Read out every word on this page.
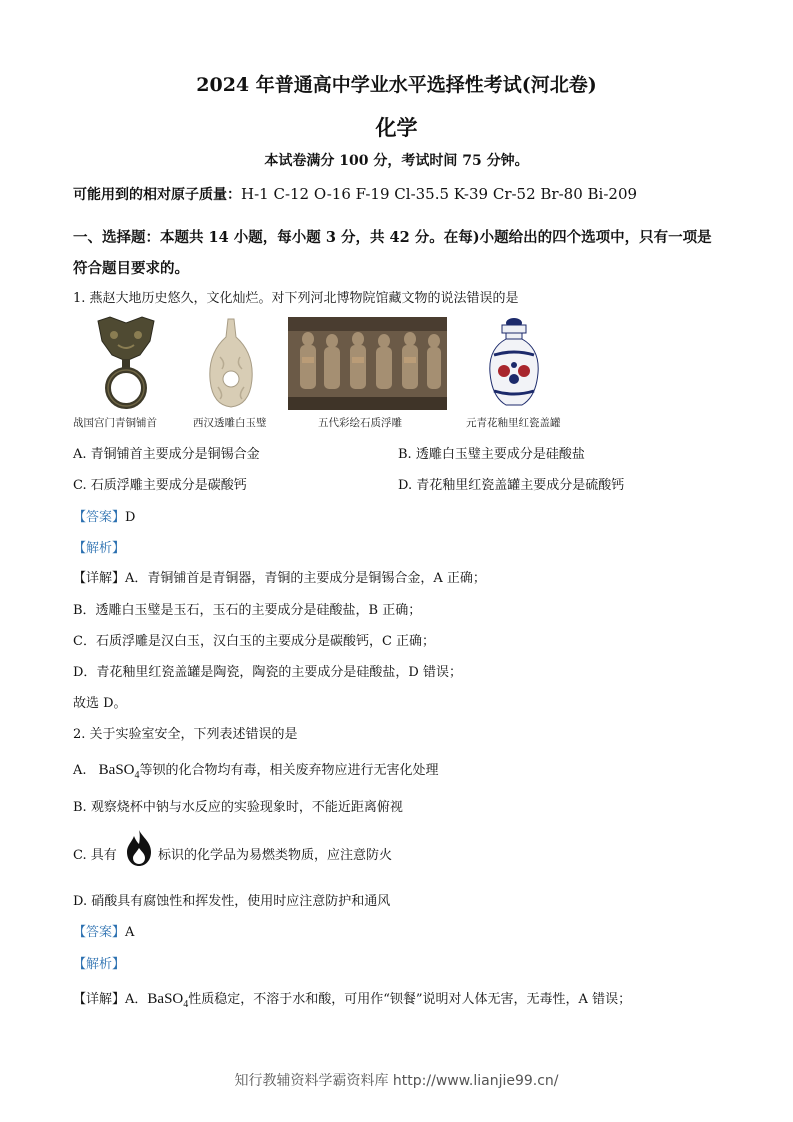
2024 年普通高中学业水平选择性考试(河北卷)
化学
本试卷满分 100 分，考试时间 75 分钟。
可能用到的相对原子质量：H-1 C-12 O-16 F-19 Cl-35.5 K-39 Cr-52 Br-80 Bi-209
一、选择题：本题共 14 小题，每小题 3 分，共 42 分。在每)小题给出的四个选项中，只有一项是符合题目要求的。
1. 燕赵大地历史悠久，文化灿烂。对下列河北博物院馆藏文物的说法错误的是
战国宫门青铜铺首	西汉透雕白玉璧	五代彩绘石质浮雕	元青花釉里红瓷盖罐
A. 青铜铺首主要成分是铜锡合金	B. 透雕白玉璧主要成分是硅酸盐
C. 石质浮雕主要成分是碳酸钙	D. 青花釉里红瓷盖罐主要成分是硫酸钙
【答案】D
【解析】
【详解】A．青铜铺首是青铜器，青铜的主要成分是铜锡合金，A 正确；
B．透雕白玉璧是玉石，玉石的主要成分是硅酸盐，B 正确；
C．石质浮雕是汉白玉，汉白玉的主要成分是碳酸钙，C 正确；
D．青花釉里红瓷盖罐是陶瓷，陶瓷的主要成分是硅酸盐，D 错误；
故选 D。
2. 关于实验室安全，下列表述错误的是
A. BaSO$_4$等钡的化合物均有毒，相关废弃物应进行无害化处理
B. 观察烧杯中钠与水反应的实验现象时，不能近距离俯视
C. 具有	标识的化学品为易燃类物质，应注意防火
D. 硝酸具有腐蚀性和挥发性，使用时应注意防护和通风
【答案】A
【解析】
【详解】A．BaSO$_4$性质稳定，不溶于水和酸，可用作“钡餐”说明对人体无害，无毒性，A 错误；
知行教辅资料学霸资料库 http://www.lianjie99.cn/
